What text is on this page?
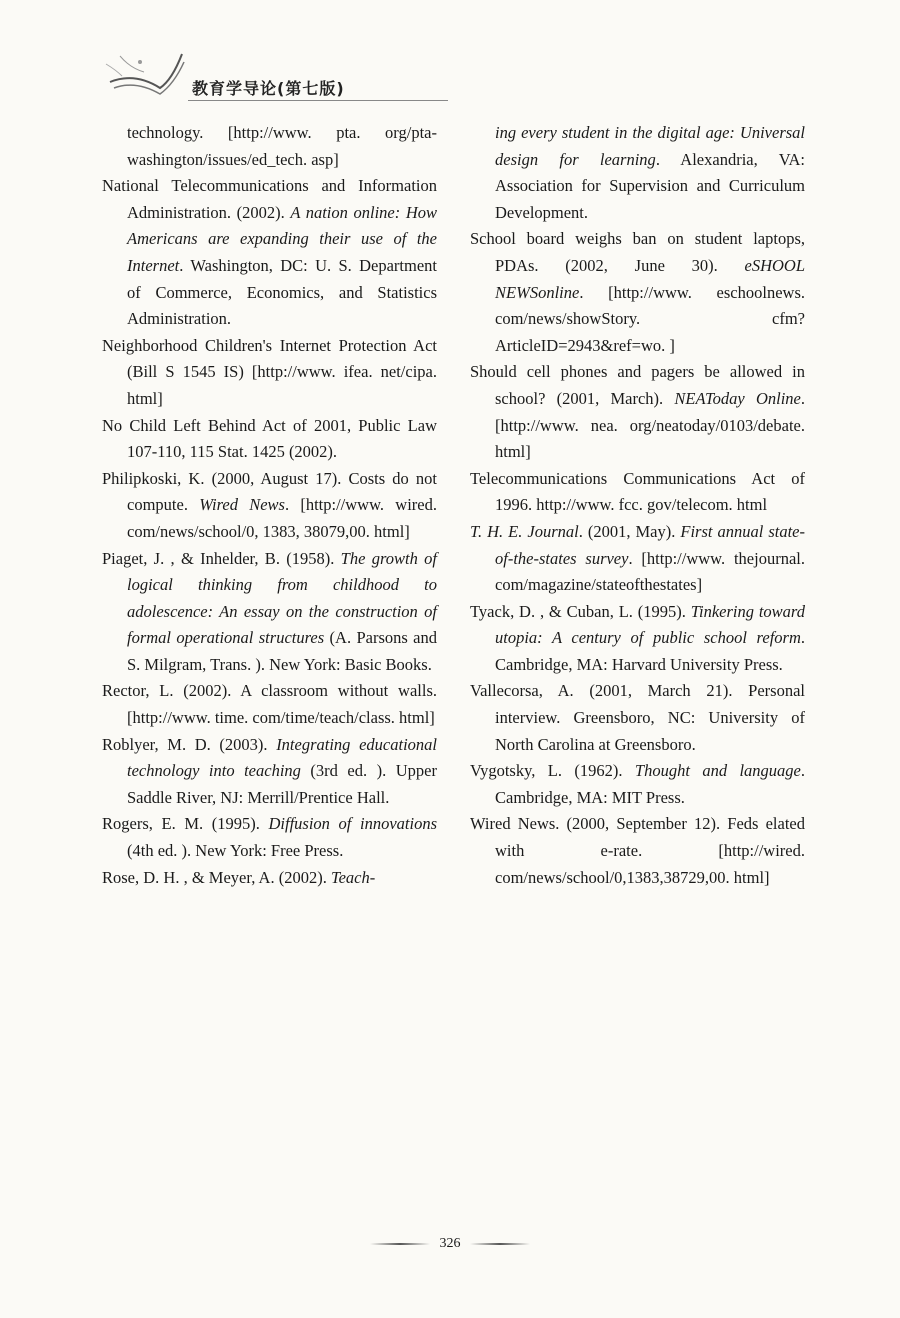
教育学导论(第七版)

technology. [http://www. pta. org/pta-washington/issues/ed_tech. asp]

National Telecommunications and Information Administration. (2002). A nation online: How Americans are expanding their use of the Internet. Washington, DC: U. S. Department of Commerce, Economics, and Statistics Administration.

Neighborhood Children's Internet Protection Act (Bill S 1545 IS) [http://www. ifea. net/cipa. html]

No Child Left Behind Act of 2001, Public Law 107-110, 115 Stat. 1425 (2002).

Philipkoski, K. (2000, August 17). Costs do not compute. Wired News. [http://www. wired. com/news/school/0, 1383, 38079,00. html]

Piaget, J. , & Inhelder, B. (1958). The growth of logical thinking from childhood to adolescence: An essay on the construction of formal operational structures (A. Parsons and S. Milgram, Trans. ). New York: Basic Books.

Rector, L. (2002). A classroom without walls. [http://www. time. com/time/teach/class. html]

Roblyer, M. D. (2003). Integrating educational technology into teaching (3rd ed. ). Upper Saddle River, NJ: Merrill/Prentice Hall.

Rogers, E. M. (1995). Diffusion of innovations (4th ed. ). New York: Free Press.

Rose, D. H. , & Meyer, A. (2002). Teach-

ing every student in the digital age: Universal design for learning. Alexandria, VA: Association for Supervision and Curriculum Development.

School board weighs ban on student laptops, PDAs. (2002, June 30). eSHOOL NEWSonline. [http://www. eschoolnews. com/news/showStory. cfm? ArticleID=2943&ref=wo. ]

Should cell phones and pagers be allowed in school? (2001, March). NEAToday Online. [http://www. nea. org/neatoday/0103/debate. html]

Telecommunications Communications Act of 1996. http://www. fcc. gov/telecom. html

T. H. E. Journal. (2001, May). First annual state-of-the-states survey. [http://www. thejournal. com/magazine/stateofthestates]

Tyack, D. , & Cuban, L. (1995). Tinkering toward utopia: A century of public school reform. Cambridge, MA: Harvard University Press.

Vallecorsa, A. (2001, March 21). Personal interview. Greensboro, NC: University of North Carolina at Greensboro.

Vygotsky, L. (1962). Thought and language. Cambridge, MA: MIT Press.

Wired News. (2000, September 12). Feds elated with e-rate. [http://wired. com/news/school/0,1383,38729,00. html]

326
